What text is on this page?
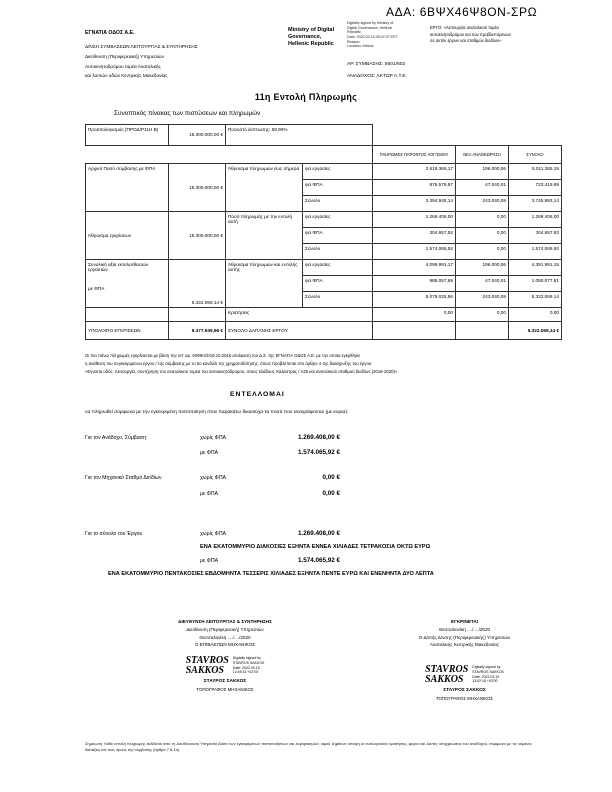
ΑΔΑ: 6ΒΨΧ46Ψ8ΟΝ-ΣΡΩ
ΕΓΝΑΤΙΑ ΟΔΟΣ Α.Ε.
Δ/ΝΣΗ ΣΥΜΒΑΣΕΩΝ ΛΕΙΤΟΥΡΓΙΑΣ & ΣΥΝΤΗΡΗΣΗΣ
Διεύθυνση (Περιφερειακή) Υπηρεσιών
Αυτοκινητοδρόμου τομέα Ανατολικής
και λοιπών οδών Κεντρικής Μακεδονίας
Ministry of Digital
Governance,
Hellenic Republic
Digitally signed by Ministry of
Digital Governance, Hellenic
Republic
Date: 2022.03.16 09:47:07 EET
Reason:
Location: Athens
ΕΡΓΟ: «Λειτουργία ανατολικού τομέα
αυτοκινητοδρόμου και των προβλεπόμενων
σε αυτόν έργων και σταθμών διοδίων»
ΑΡ. ΣΥΜΒΑΣΗΣ: 5601/602
ΑΝΑΔΟΧΟΣ: ΑΚΤΩΡ Α.Τ.Ε.
11η Εντολή Πληρωμής
Συνοπτικός πίνακας των πιστώσεων και πληρωμών
Προϋπολογισμός (ΠΡΟΔ/Ρ11Η Β)	15.300.000,00 €	Ποσοστό έκπτωσης: 58,90%				
				ΠΛΗΡΩΜΕΣ ΠΑΡΟΝΤΟΣ ΛΟΓ/ΣΜΟΥ	ΝΕΑ ΑΝΑΘΕΩΡΗΣΗ	ΣΥΝΟΛΟ
Αρχικό Ποσό σύμβασης με ΦΠΑ	15.300.000,00 €	Άθροισμα πληρωμών έως σήμερα	για εργασίες	2.619.365,17	196.000,06	5.011.365,15
			για ΦΠΑ	876.579,97	47.040,01	723.419,99
			Σύνολο	3.394.945,14	243.040,08	3.745.993,14
Άθροισμα εγκρίσεων	15.300.000,00 €	Ποσό πληρωμής με την εντολή αυτή	για εργασίες	1.269.406,00	0,00	1.269.406,00
			για ΦΠΑ	304.657,92	0,00	304.657,92
			Σύνολο	1.574.065,92	0,00	1.574.065,92

Συνολική αξία εκτελεσθεισών εργασιών
με ΦΠΑ	5.322.069,14 €	Άθροισμα πληρωμών και εντολής αυτής	για εργασίες	4.099.991,17	196.000,06	4.391.991,15
			για ΦΠΑ	985.057,69	47.040,01	1.050.077,91
			Σύνολο	5.079.025,96	243.040,08	5.322.069,14
		Κρατήσεις		0,00	0,00	0,00
ΥΠΟΛΟΙΠΟ ΕΓΚΡΙΣΕΩΝ	9.377.939,96 €	ΣΥΝΟΛΟ ΔΑΠΑΝΗΣ ΕΡΓΟΥ				5.322.069,14 €
Οι πιο πάνω πληρωμές εγκρίνονται με βάση την υπ’ αρ. 6099π/2/19.10.2016 απόφαση του Δ.Σ. της ΕΓΝΑΤΙΑ ΟΔΟΣ Α.Ε. με την οποία εγκρίθηκε
η ανάθεση του συγκεκριμένου έργου / της σύμβασης με το 6ο κονδύλι της χρηματοδότησης, όπως προβλέπεται στο άρθρο 4 της διακήρυξης του έργου:
«Εγνατία οδός: Λειτουργία, συντήρηση του ανατολικού τομέα του αυτοκινητόδρομου, στους κλάδους Χαλάστρας / Α25 και ανατολικού σταθμού διοδίων (2018-2020)»
ΕΝΤΕΛΛΟΜΑΙ
να πληρωθεί σύμφωνα με την εγκεκριμένη πιστοποίηση στον παρακάτω δικαιούχο τα ποσά που αναγράφονται (με κύρια):
Για τον Ανάδοχο, Σύμβαση:	χωρίς ΦΠΑ	1.269.408,00 €
με ΦΠΑ	1.574.065,92 €
Για τον Μηχανικό Σταθμό Διοδίων	χωρίς ΦΠΑ	0,00 €
με ΦΠΑ	0,00 €
Για το σύνολο του Έργου	χωρίς ΦΠΑ	1.269.408,00 €
ΕΝΑ ΕΚΑΤΟΜΜΥΡΙΟ ΔΙΑΚΟΣΙΕΣ ΕΞΗΝΤΑ ΕΝΝΕΑ ΧΙΛΙΑΔΕΣ ΤΕΤΡΑΚΟΣΙΑ ΟΚΤΩ ΕΥΡΩ
με ΦΠΑ	1.574.065,92 €
ΕΝΑ ΕΚΑΤΟΜΜΥΡΙΟ ΠΕΝΤΑΚΟΣΙΕΣ ΕΒΔΟΜΗΝΤΑ ΤΕΣΣΕΡΙΣ ΧΙΛΙΑΔΕΣ ΕΞΗΝΤΑ ΠΕΝΤΕ ΕΥΡΩ ΚΑΙ ΕΝΕΝΗΝΤΑ ΔΥΟ ΛΕΠΤΑ
ΔΙΕΥΘΥΝΣΗ ΛΕΙΤΟΥΡΓΙΑΣ & ΣΥΝΤΗΡΗΣΗΣ
Διεύθυνση (Περιφερειακή) Υπηρεσιών
Θεσσαλονίκη ..../..../2020
Ο ΕΠΙΒΛΕΠΩΝ ΜΗΧΑΝΙΚΟΣ
STAVROS
SAKKOS
Digitally signed by
STAVROS SAKKOS
Date: 2022.03.15
12:45:33 +02'00'
ΣΤΑΥΡΟΣ ΣΑΚΚΟΣ
ΤΟΠΟΓΡΑΦΟΣ ΜΗΧΑΝΙΚΟΣ
ΕΓΚΡΙΝΕΤΑΙ
Θεσσαλονίκη ..../..../2020
Ο Δ/ντής Δ/νσης (Περιφερειακής) Υπηρεσιών
Ανατολικής Κεντρικής Μακεδονίας
STAVROS
SAKKOS
Digitally signed by
STAVROS SAKKOS
Date: 2022.03.15
13:02:18 +02'00'
ΣΤΑΥΡΟΣ ΣΑΚΚΟΣ
ΤΟΠΟΓΡΑΦΟΣ ΜΗΧΑΝΙΚΟΣ
Σημείωση: Κάθε εντολή πληρωμής εκδίδεται από τη Διευθύνουσα Υπηρεσία βάσει των εγκεκριμένων πιστοποιήσεων και λογαριασμών, αφού ληφθούν υπόψη οι αναλογούσες κρατήσεις, φόροι και λοιπές υποχρεώσεις του αναδόχου, σύμφωνα με τις κείμενες διατάξεις και τους όρους της σύμβασης (άρθρα 7 & 14).
